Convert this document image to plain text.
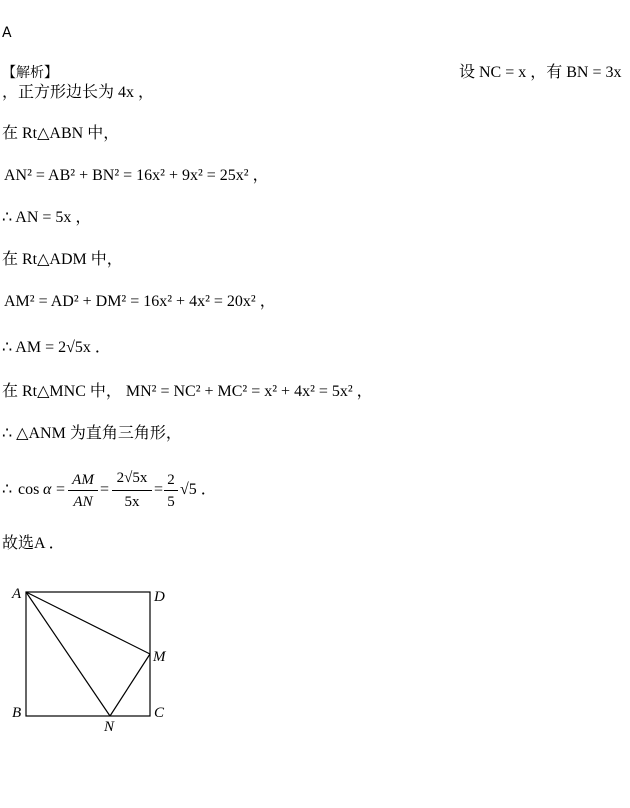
A
【解析】	设 NC = x ，有 BN = 3x
，正方形边长为 4x ，
在 Rt△ABN 中，
AN² = AB² + BN² = 16x² + 9x² = 25x² ，
∴ AN = 5x ，
在 Rt△ADM 中，
AM² = AD² + DM² = 16x² + 4x² = 20x² ，
∴ AM = 2√5x ．
在 Rt△MNC 中， MN² = NC² + MC² = x² + 4x² = 5x² ，
∴ △ANM 为直角三角形，
∴ cos α =
AM
AN
=
2√5x
5x
=
2
5
√5 ．
故选A ．
A	D
M
B	C
N
